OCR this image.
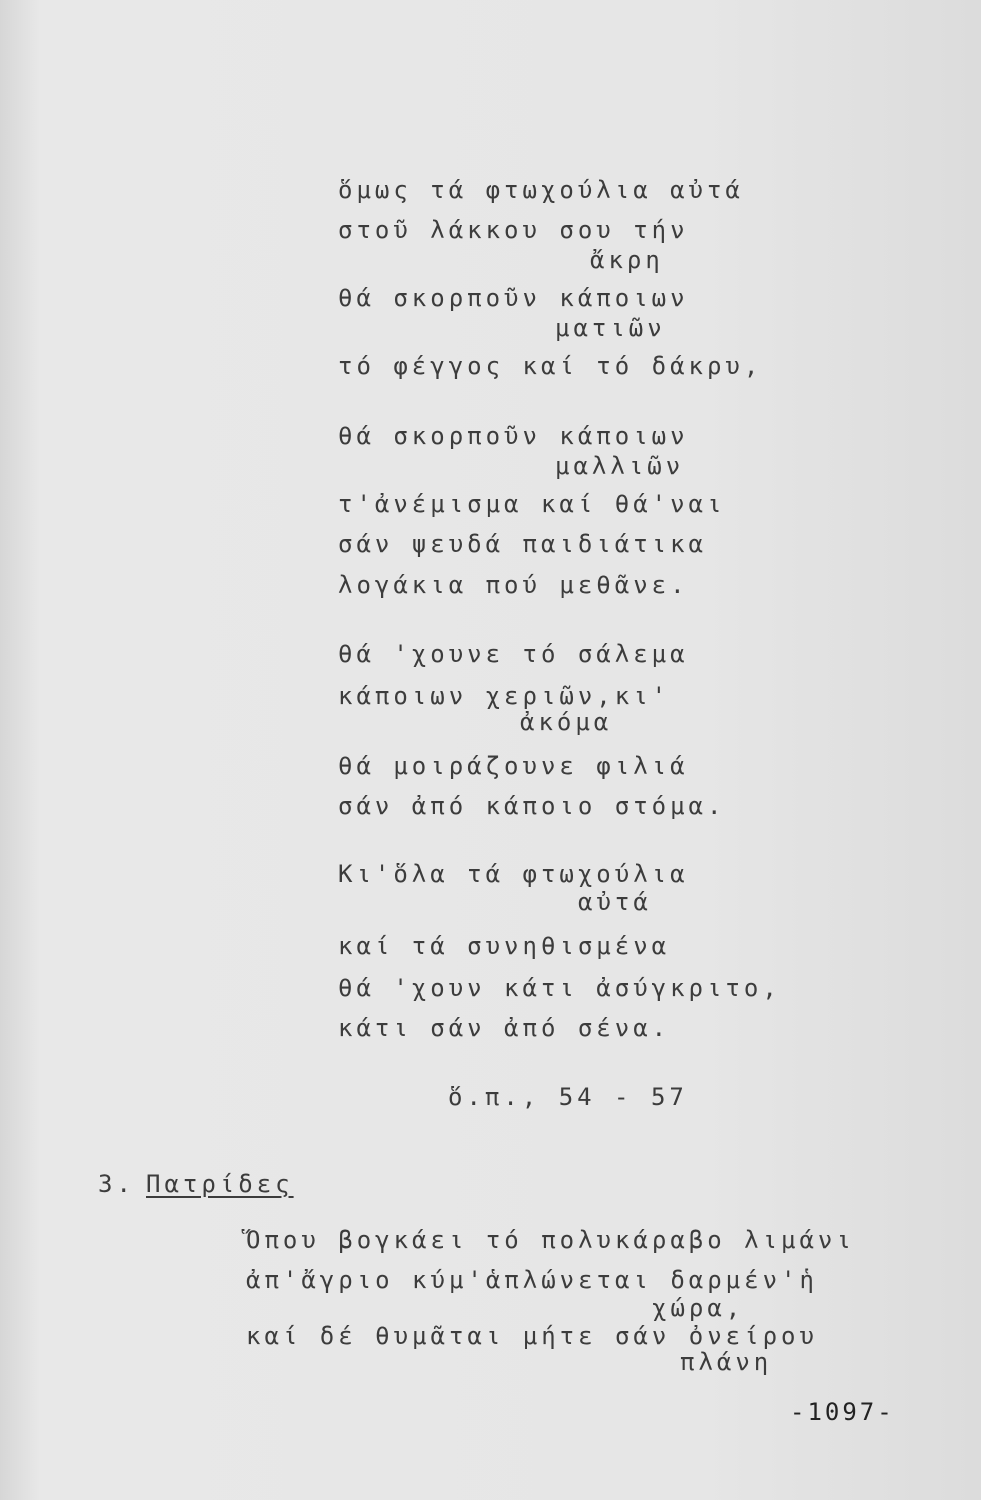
ὅμως τά φτωχούλια αὐτά
στοῦ λάκκου σου τήν
ἄκρη
θά σκορποῦν κάποιων
ματιῶν
τό φέγγος καί τό δάκρυ,
θά σκορποῦν κάποιων
μαλλιῶν
τ'ἀνέμισμα καί θά'ναι
σάν ψευδά παιδιάτικα
λογάκια πού μεθᾶνε.
θά 'χουνε τό σάλεμα
κάποιων χεριῶν,κι'
ἀκόμα
θά μοιράζουνε φιλιά
σάν ἀπό κάποιο στόμα.
Κι'ὅλα τά φτωχούλια
αὐτά
καί τά συνηθισμένα
θά 'χουν κάτι ἀσύγκριτο,
κάτι σάν ἀπό σένα.
ὅ.π., 54 - 57
3. Πατρίδες
Ὅπου βογκάει τό πολυκάραβο λιμάνι
ἀπ'ἄγριο κύμ'ἁπλώνεται δαρμέν'ἡ
χώρα,
καί δέ θυμᾶται μήτε σάν ὀνείρου
πλάνη
-1097-
